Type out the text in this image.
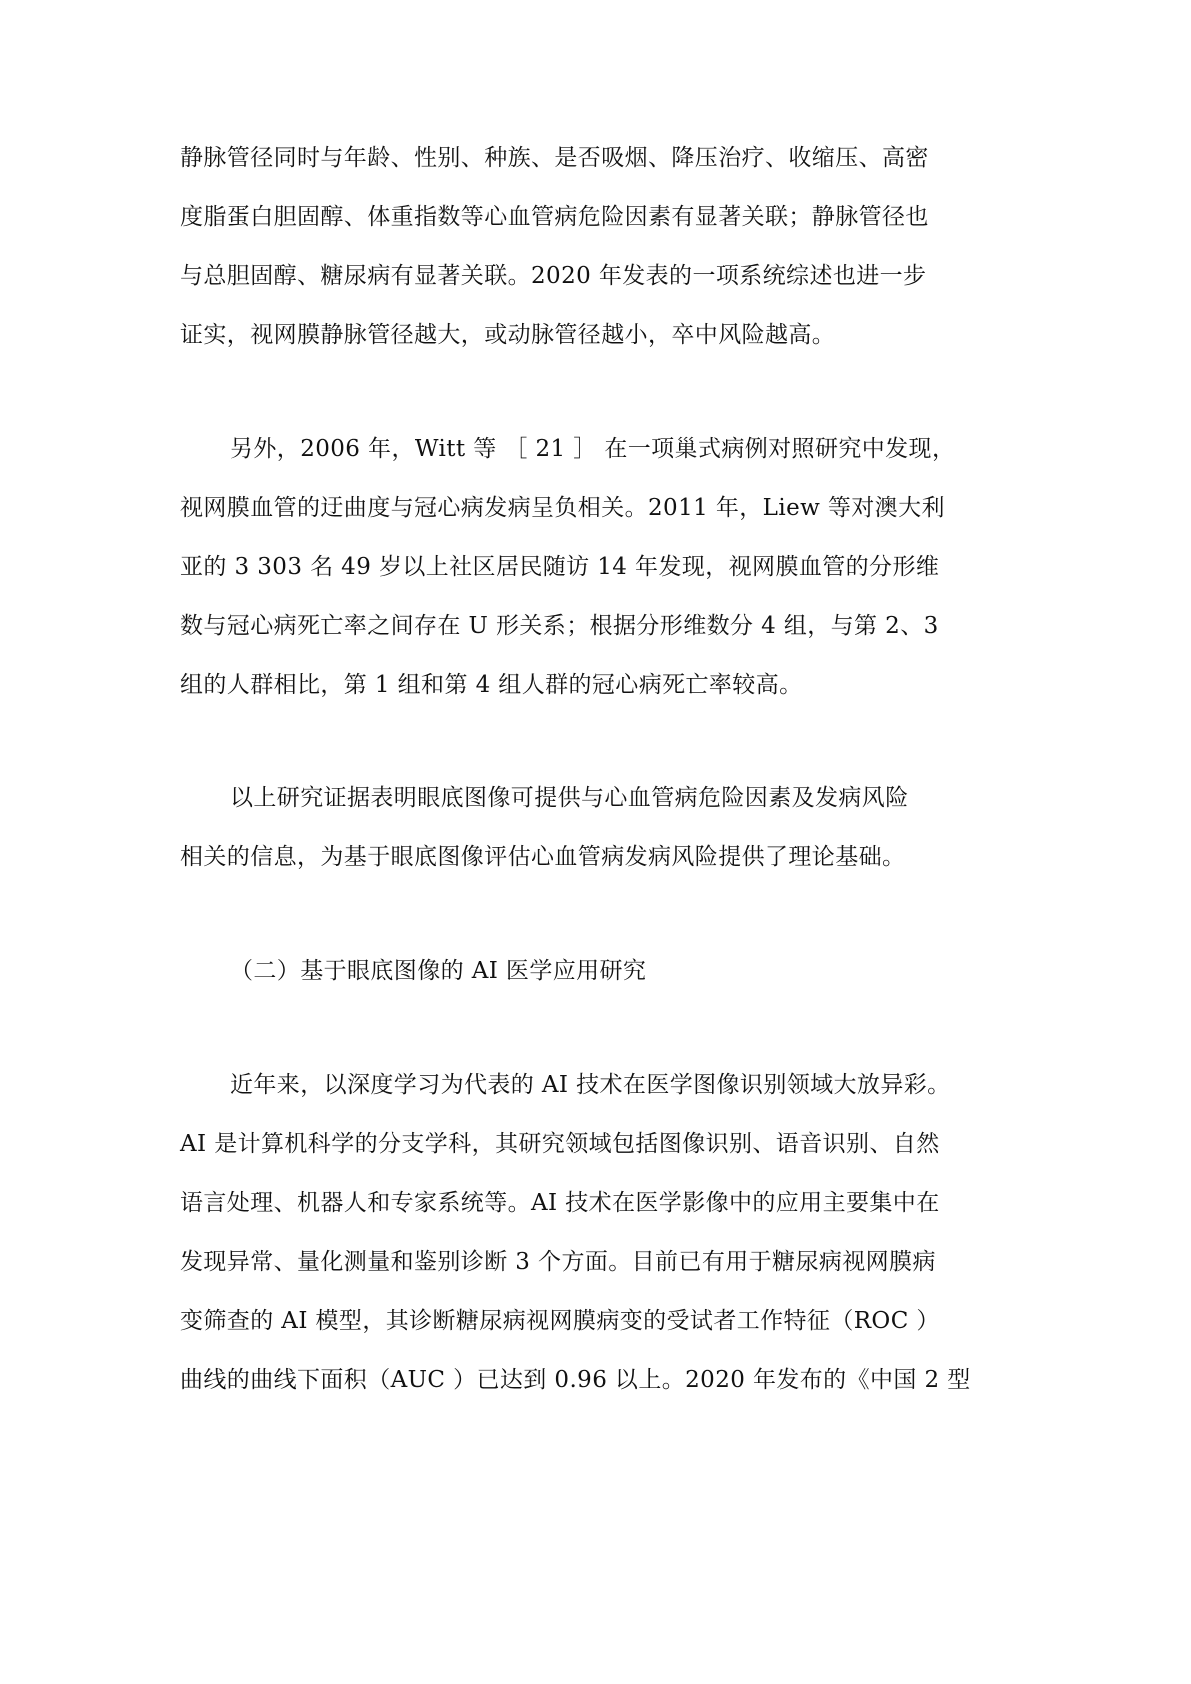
静脉管径同时与年龄、性别、种族、是否吸烟、降压治疗、收缩压、高密
度脂蛋白胆固醇、体重指数等心血管病危险因素有显著关联；静脉管径也
与总胆固醇、糖尿病有显著关联。2020 年发表的一项系统综述也进一步
证实，视网膜静脉管径越大，或动脉管径越小，卒中风险越高。
另外，2006 年，Witt 等 ［ 21 ］ 在一项巢式病例对照研究中发现，
视网膜血管的迂曲度与冠心病发病呈负相关。2011 年，Liew 等对澳大利
亚的 3 303 名 49 岁以上社区居民随访 14 年发现，视网膜血管的分形维
数与冠心病死亡率之间存在 U 形关系；根据分形维数分 4 组，与第 2、3
组的人群相比，第 1 组和第 4 组人群的冠心病死亡率较高。
以上研究证据表明眼底图像可提供与心血管病危险因素及发病风险
相关的信息，为基于眼底图像评估心血管病发病风险提供了理论基础。
（二）基于眼底图像的 AI 医学应用研究
近年来，以深度学习为代表的 AI 技术在医学图像识别领域大放异彩。
AI 是计算机科学的分支学科，其研究领域包括图像识别、语音识别、自然
语言处理、机器人和专家系统等。AI 技术在医学影像中的应用主要集中在
发现异常、量化测量和鉴别诊断 3 个方面。目前已有用于糖尿病视网膜病
变筛查的 AI 模型，其诊断糖尿病视网膜病变的受试者工作特征（ROC ）
曲线的曲线下面积（AUC ）已达到 0.96 以上。2020 年发布的《中国 2 型
